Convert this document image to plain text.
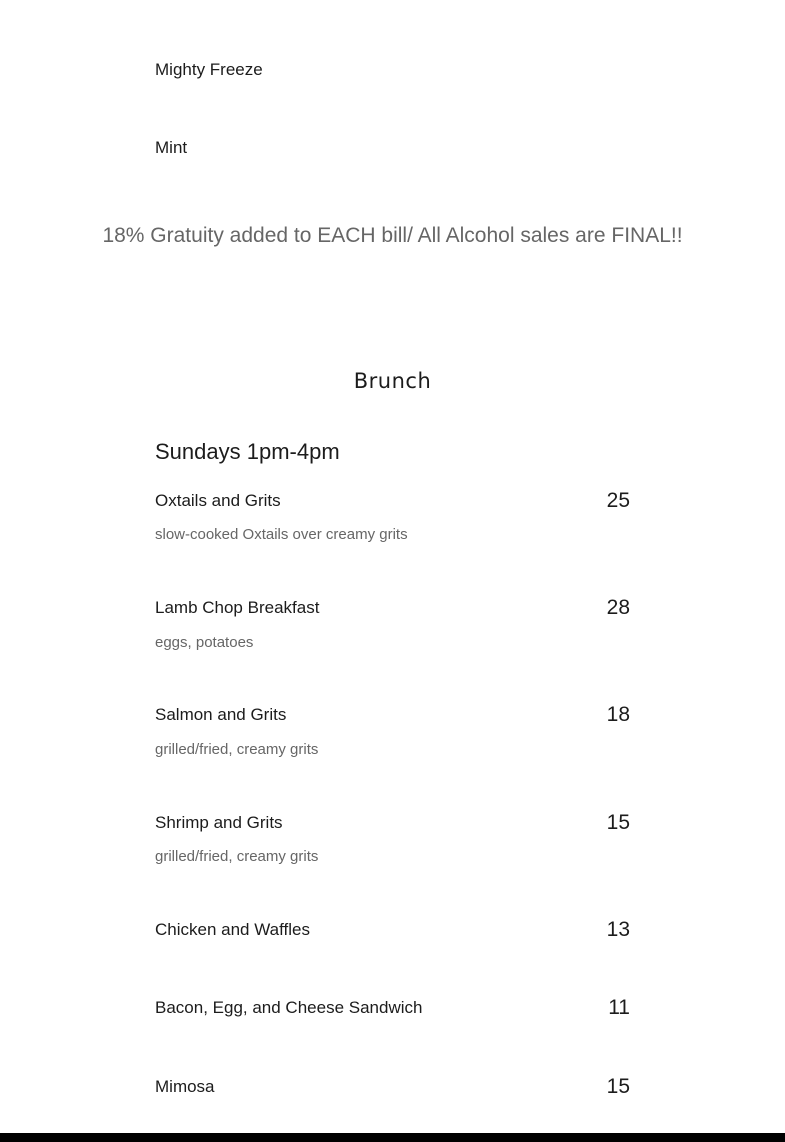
Mighty Freeze
Mint
18% Gratuity added to EACH bill/ All Alcohol sales are FINAL!!
Brunch
Sundays 1pm-4pm
Oxtails and Grits	25
slow-cooked Oxtails over creamy grits
Lamb Chop Breakfast	28
eggs, potatoes
Salmon and Grits	18
grilled/fried, creamy grits
Shrimp and Grits	15
grilled/fried, creamy grits
Chicken and Waffles	13
Bacon, Egg, and Cheese Sandwich	11
Mimosa	15
